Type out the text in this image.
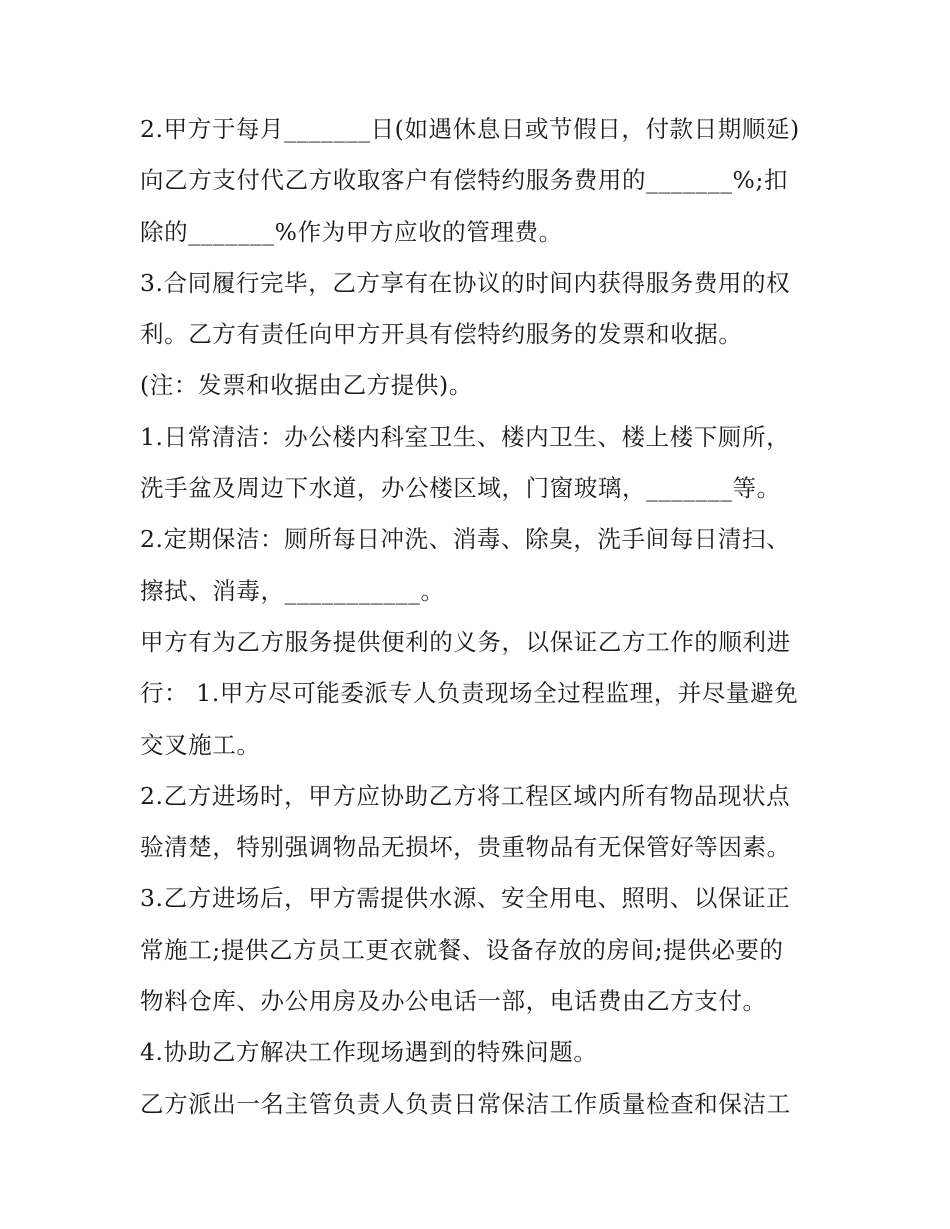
2.甲方于每月_______日(如遇休息日或节假日，付款日期顺延)
向乙方支付代乙方收取客户有偿特约服务费用的_______%;扣
除的_______%作为甲方应收的管理费。
3.合同履行完毕，乙方享有在协议的时间内获得服务费用的权
利。乙方有责任向甲方开具有偿特约服务的发票和收据。
(注：发票和收据由乙方提供)。
1.日常清洁：办公楼内科室卫生、楼内卫生、楼上楼下厕所，
洗手盆及周边下水道，办公楼区域，门窗玻璃，_______等。
2.定期保洁：厕所每日冲洗、消毒、除臭，洗手间每日清扫、
擦拭、消毒，___________。
甲方有为乙方服务提供便利的义务，以保证乙方工作的顺利进
行： 1.甲方尽可能委派专人负责现场全过程监理，并尽量避免
交叉施工。
2.乙方进场时，甲方应协助乙方将工程区域内所有物品现状点
验清楚，特别强调物品无损坏，贵重物品有无保管好等因素。
3.乙方进场后，甲方需提供水源、安全用电、照明、以保证正
常施工;提供乙方员工更衣就餐、设备存放的房间;提供必要的
物料仓库、办公用房及办公电话一部，电话费由乙方支付。
4.协助乙方解决工作现场遇到的特殊问题。
乙方派出一名主管负责人负责日常保洁工作质量检查和保洁工
